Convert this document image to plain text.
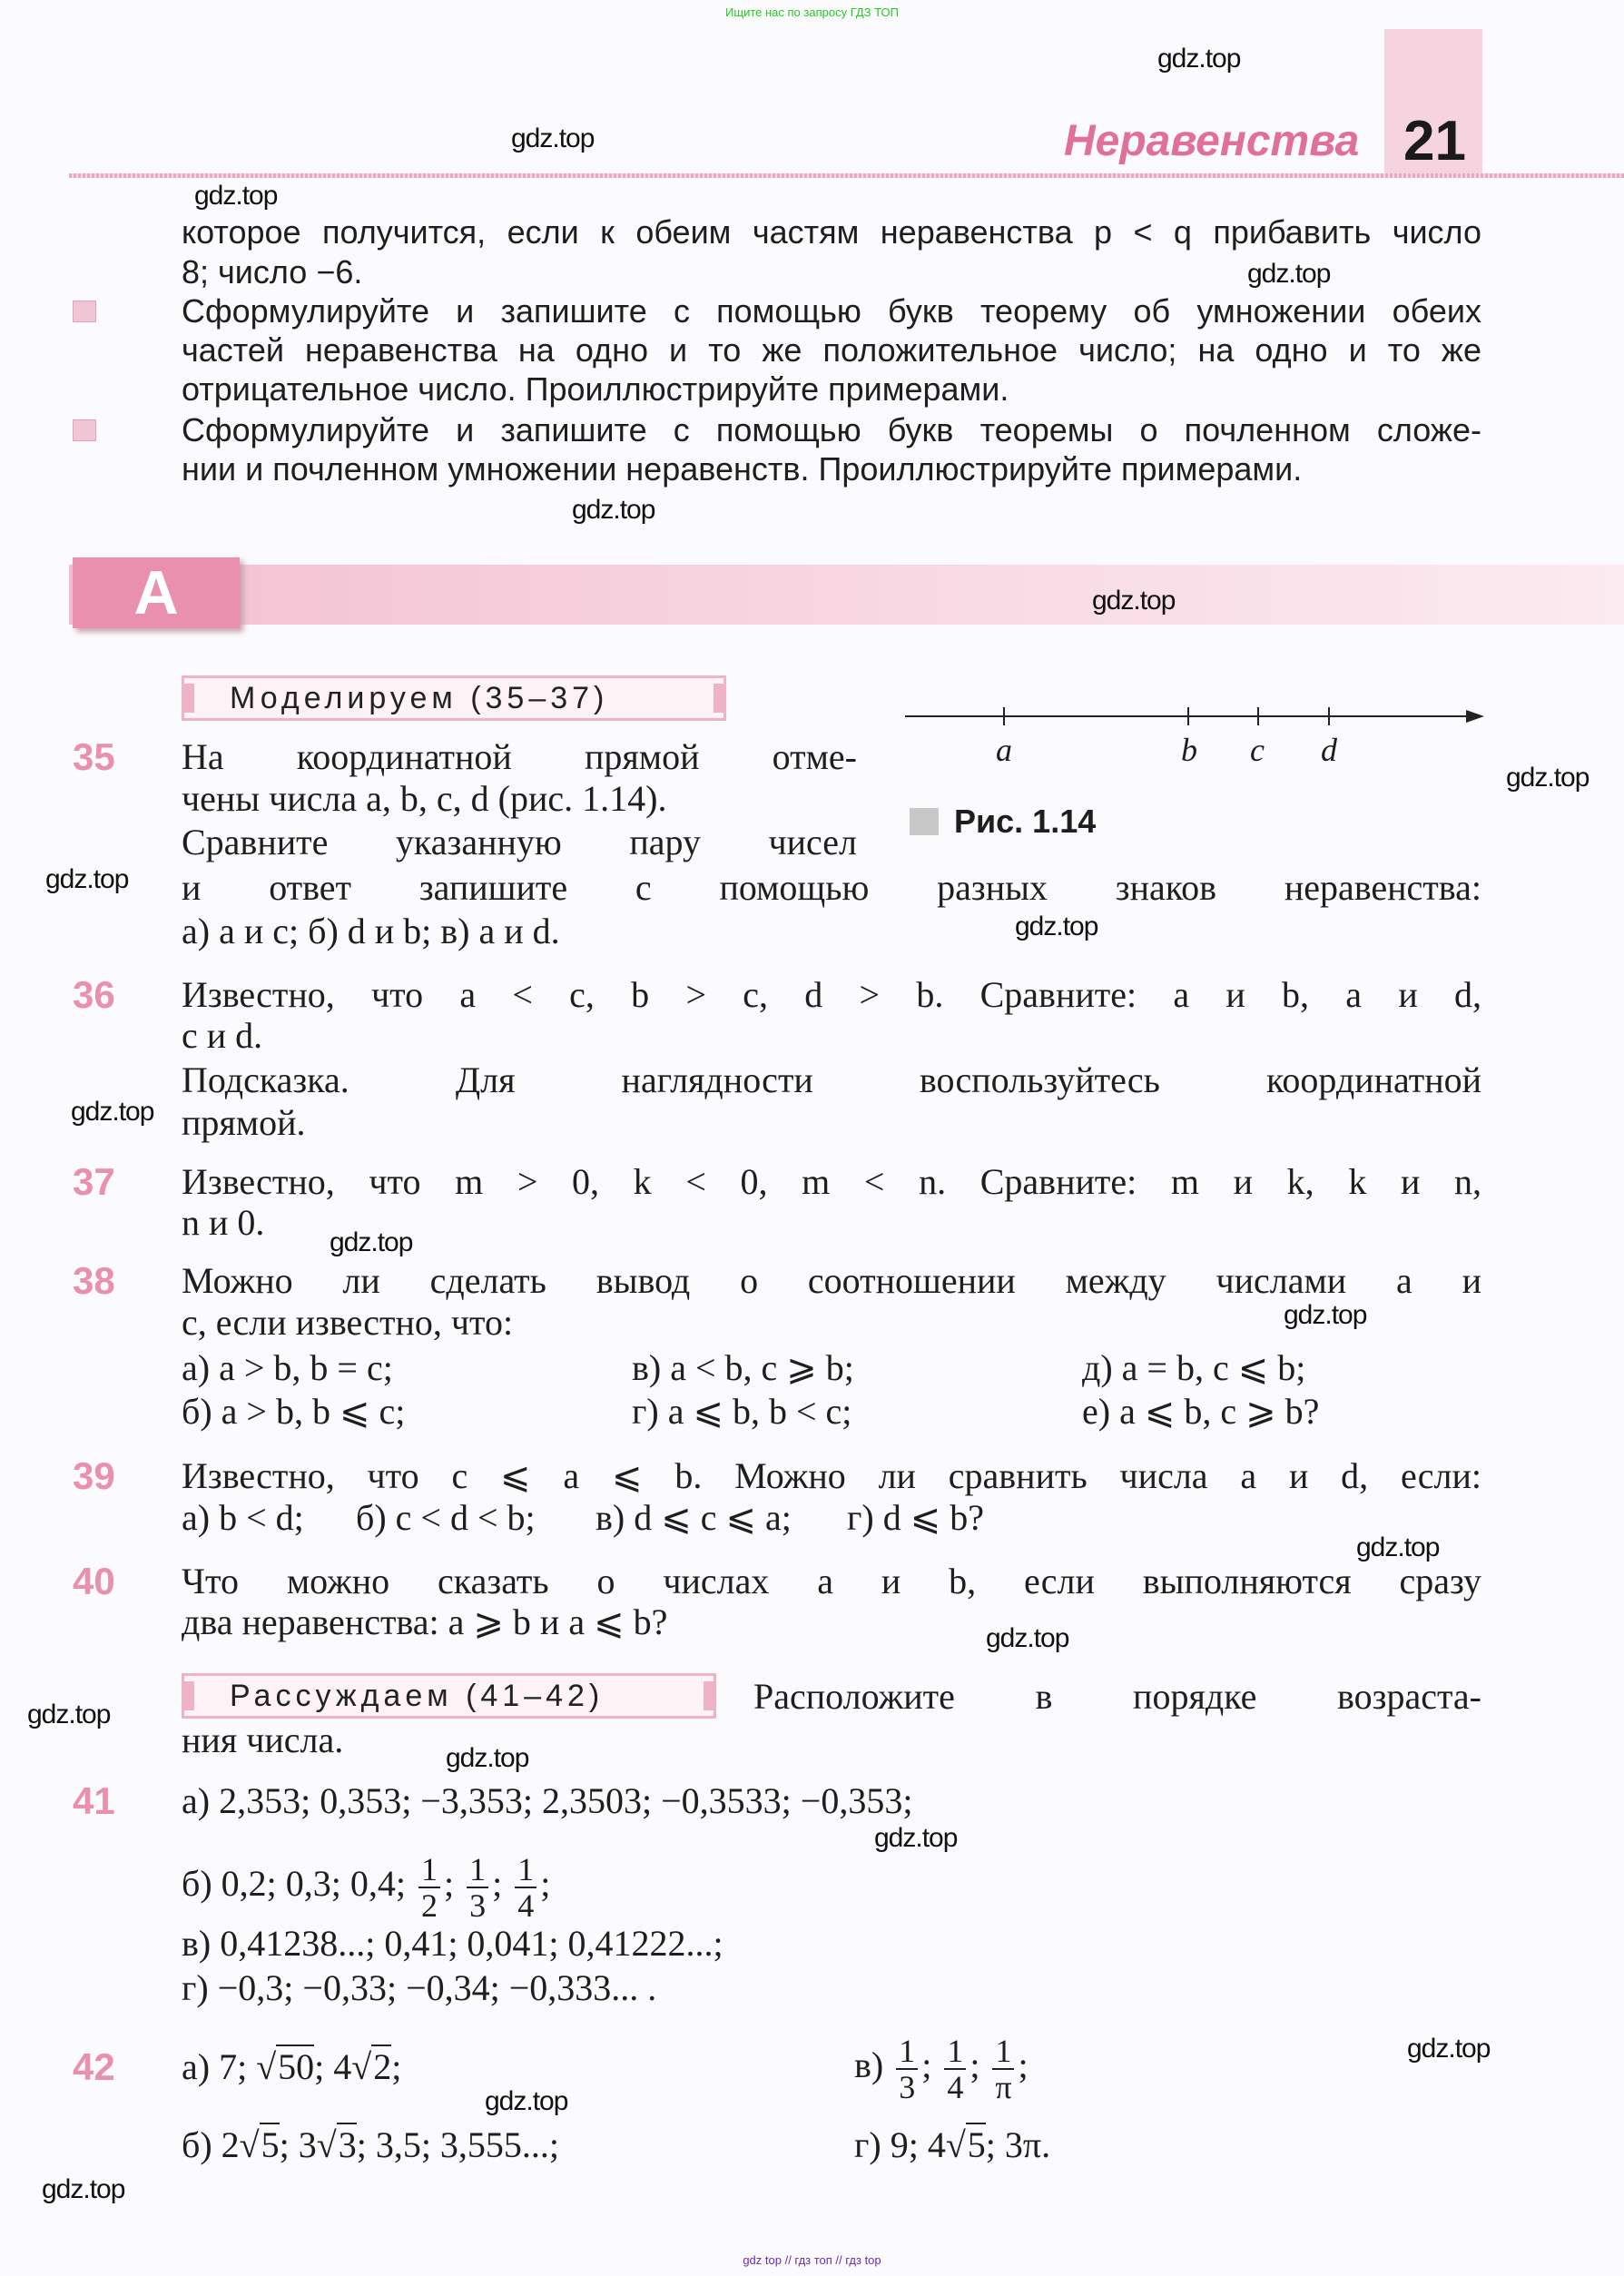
Ищите нас по запросу ГДЗ ТОП
Неравенства 21
которое получится, если к обеим частям неравенства p < q прибавить число
8; число −6.
Сформулируйте и запишите с помощью букв теорему об умножении обеих
частей неравенства на одно и то же положительное число; на одно и то же
отрицательное число. Проиллюстрируйте примерами.
Сформулируйте и запишите с помощью букв теоремы о почленном сложе-
нии и почленном умножении неравенств. Проиллюстрируйте примерами.
А
Моделируем (35–37)
a	b c d
Рис. 1.14
35 На координатной прямой отме-
чены числа a, b, c, d (рис. 1.14).
Сравните указанную пару чисел
и ответ запишите с помощью разных знаков неравенства:
а) a и c; б) d и b; в) a и d.
36 Известно, что a < c, b > c, d > b. Сравните: a и b, a и d,
c и d.
Подсказка. Для наглядности воспользуйтесь координатной
прямой.
37 Известно, что m > 0, k < 0, m < n. Сравните: m и k, k и n,
n и 0.
38 Можно ли сделать вывод о соотношении между числами a и
c, если известно, что:
а) a > b, b = c;	в) a < b, c ⩾ b;	д) a = b, c ⩽ b;
б) a > b, b ⩽ c;	г) a ⩽ b, b < c;	е) a ⩽ b, c ⩾ b?
39 Известно, что c ⩽ a ⩽ b. Можно ли сравнить числа a и d, если:
а) b < d; б) c < d < b; в) d ⩽ c ⩽ a; г) d ⩽ b?
40 Что можно сказать о числах a и b, если выполняются сразу
два неравенства: a ⩾ b и a ⩽ b?
Рассуждаем (41–42)	Расположите в порядке возраста-
ния числа.
41 а) 2,353; 0,353; −3,353; 2,3503; −0,3533; −0,353;
б) 0,2; 0,3; 0,4; $\frac{1}{2}$ ; $\frac{1}{3}$ ; $\frac{1}{4}$ ;
в) 0,41238...; 0,41; 0,041; 0,41222...;
г) −0,3; −0,33; −0,34; −0,333... .
42 а) 7; √50; 4√2;	$в) \frac{1}{3}$ ; $\frac{1}{4}$ ; $\frac{1}{\pi}$ ;
б) 2√5; 3√3; 3,5; 3,555...;	г) 9; 4√5; 3π.
gdz.top
gdz.top
gdz.top
gdz.top
gdz.top
gdz.top
gdz.top
gdz.top
gdz.top
gdz.top
gdz.top
gdz.top
gdz.top
gdz.top
gdz.top
gdz.top
gdz.top
gdz.top
gdz.top
gdz.top
gdz top // гдз топ // гдз top
